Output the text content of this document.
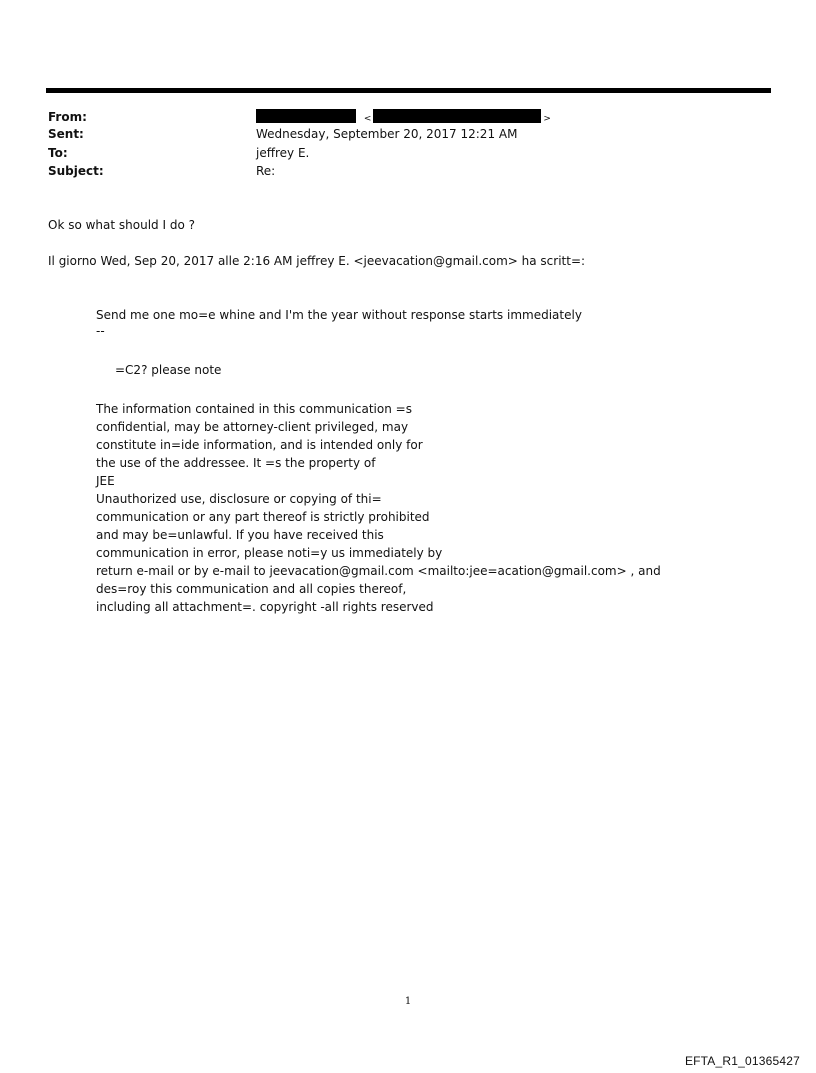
From:
Sent:
To:
Subject:
<	>
Wednesday, September 20, 2017 12:21 AM
jeffrey E.
Re:
Ok so what should I do ?
Il giorno Wed, Sep 20, 2017 alle 2:16 AM jeffrey E. <jeevacation@gmail.com> ha scritt=:
Send me one mo=e whine and I'm the year without response starts immediately
--
=C2? please note
The information contained in this communication =s
confidential, may be attorney-client privileged, may
constitute in=ide information, and is intended only for
the use of the addressee. It =s the property of
JEE
Unauthorized use, disclosure or copying of thi=
communication or any part thereof is strictly prohibited
and may be=unlawful. If you have received this
communication in error, please noti=y us immediately by
return e-mail or by e-mail to jeevacation@gmail.com <mailto:jee=acation@gmail.com> , and
des=roy this communication and all copies thereof,
including all attachment=. copyright -all rights reserved
1
EFTA_R1_01365427
